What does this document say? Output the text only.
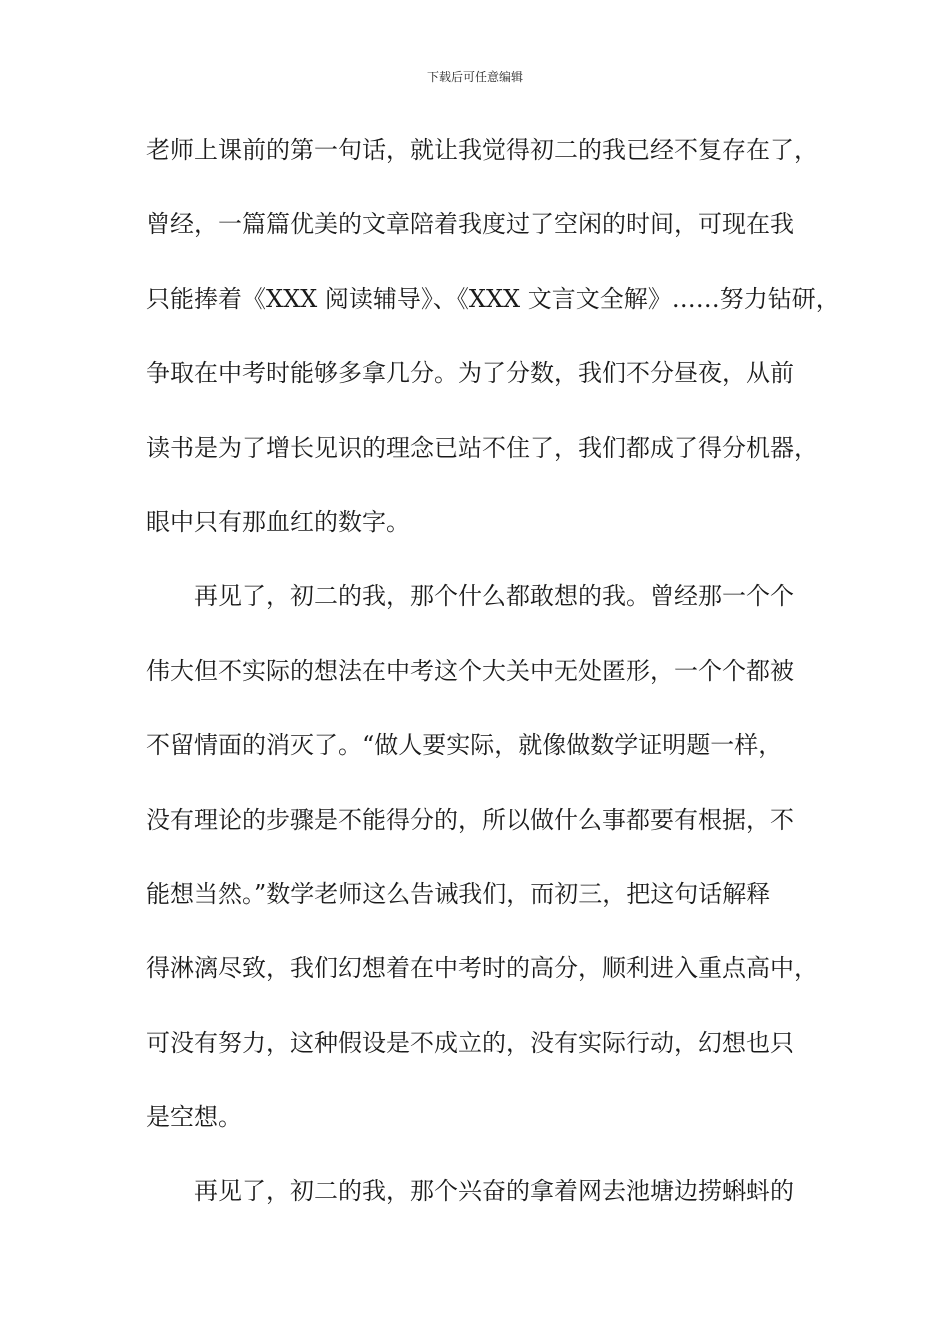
下载后可任意编辑
老师上课前的第一句话，就让我觉得初二的我已经不复存在了，
曾经，一篇篇优美的文章陪着我度过了空闲的时间，可现在我
只能捧着《XXX 阅读辅导》、《XXX 文言文全解》……努力钻研，
争取在中考时能够多拿几分。为了分数，我们不分昼夜，从前
读书是为了增长见识的理念已站不住了，我们都成了得分机器，
眼中只有那血红的数字。
再见了，初二的我，那个什么都敢想的我。曾经那一个个
伟大但不实际的想法在中考这个大关中无处匿形，一个个都被
不留情面的消灭了。“做人要实际，就像做数学证明题一样，
没有理论的步骤是不能得分的，所以做什么事都要有根据，不
能想当然。”数学老师这么告诫我们，而初三，把这句话解释
得淋漓尽致，我们幻想着在中考时的高分，顺利进入重点高中，
可没有努力，这种假设是不成立的，没有实际行动，幻想也只
是空想。
再见了，初二的我，那个兴奋的拿着网去池塘边捞蝌蚪的
